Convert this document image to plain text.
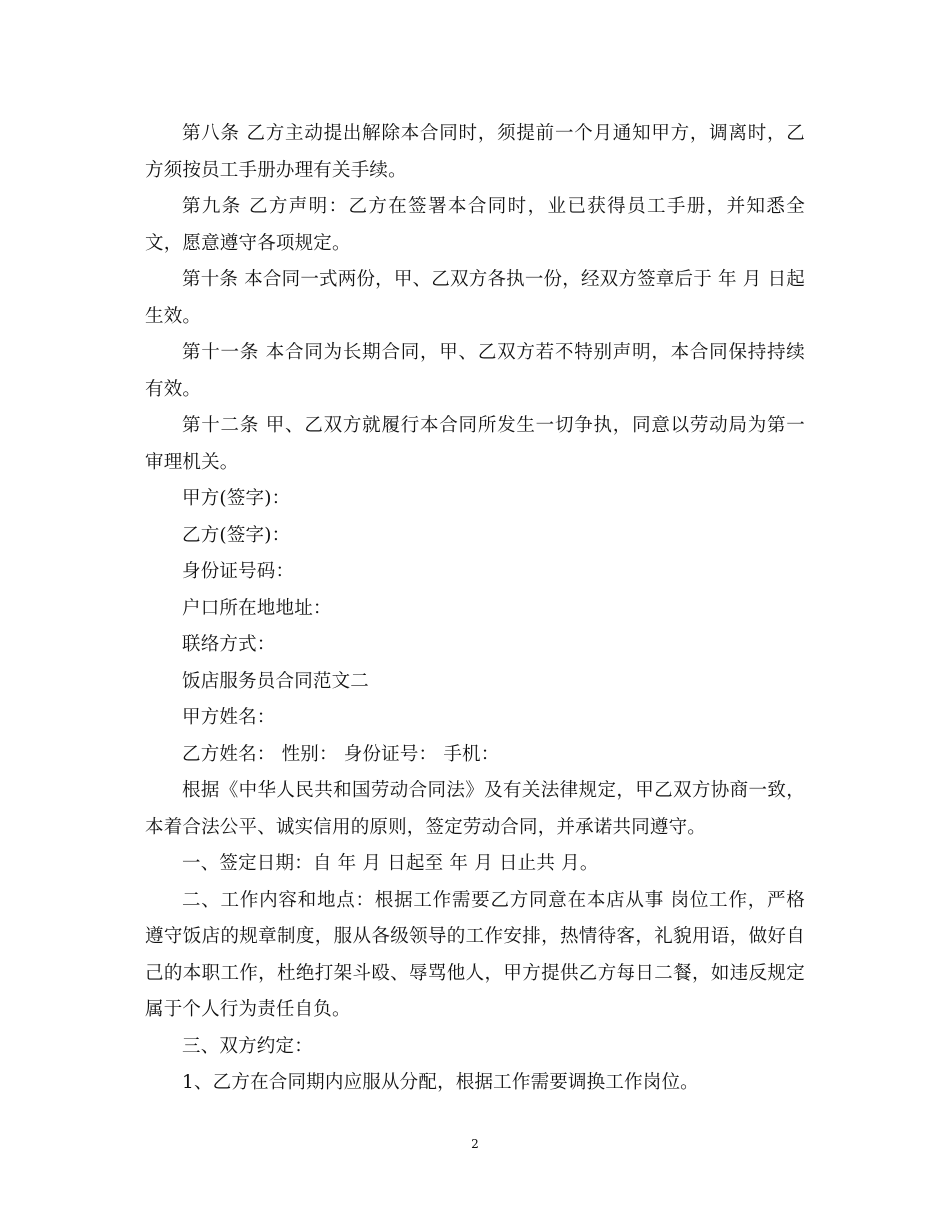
第八条 乙方主动提出解除本合同时，须提前一个月通知甲方，调离时，乙方须按员工手册办理有关手续。

第九条 乙方声明：乙方在签署本合同时，业已获得员工手册，并知悉全文，愿意遵守各项规定。

第十条 本合同一式两份，甲、乙双方各执一份，经双方签章后于 年 月 日起生效。

第十一条 本合同为长期合同，甲、乙双方若不特别声明，本合同保持持续有效。

第十二条 甲、乙双方就履行本合同所发生一切争执，同意以劳动局为第一审理机关。

甲方(签字)：

乙方(签字)：

身份证号码：

户口所在地地址：

联络方式：

饭店服务员合同范文二

甲方姓名：

乙方姓名： 性别： 身份证号： 手机：

根据《中华人民共和国劳动合同法》及有关法律规定，甲乙双方协商一致，本着合法公平、诚实信用的原则，签定劳动合同，并承诺共同遵守。

一、签定日期：自 年 月 日起至 年 月 日止共 月。

二、工作内容和地点：根据工作需要乙方同意在本店从事 岗位工作，严格遵守饭店的规章制度，服从各级领导的工作安排，热情待客，礼貌用语，做好自己的本职工作，杜绝打架斗殴、辱骂他人，甲方提供乙方每日二餐，如违反规定属于个人行为责任自负。

三、双方约定：

1、乙方在合同期内应服从分配，根据工作需要调换工作岗位。

2
